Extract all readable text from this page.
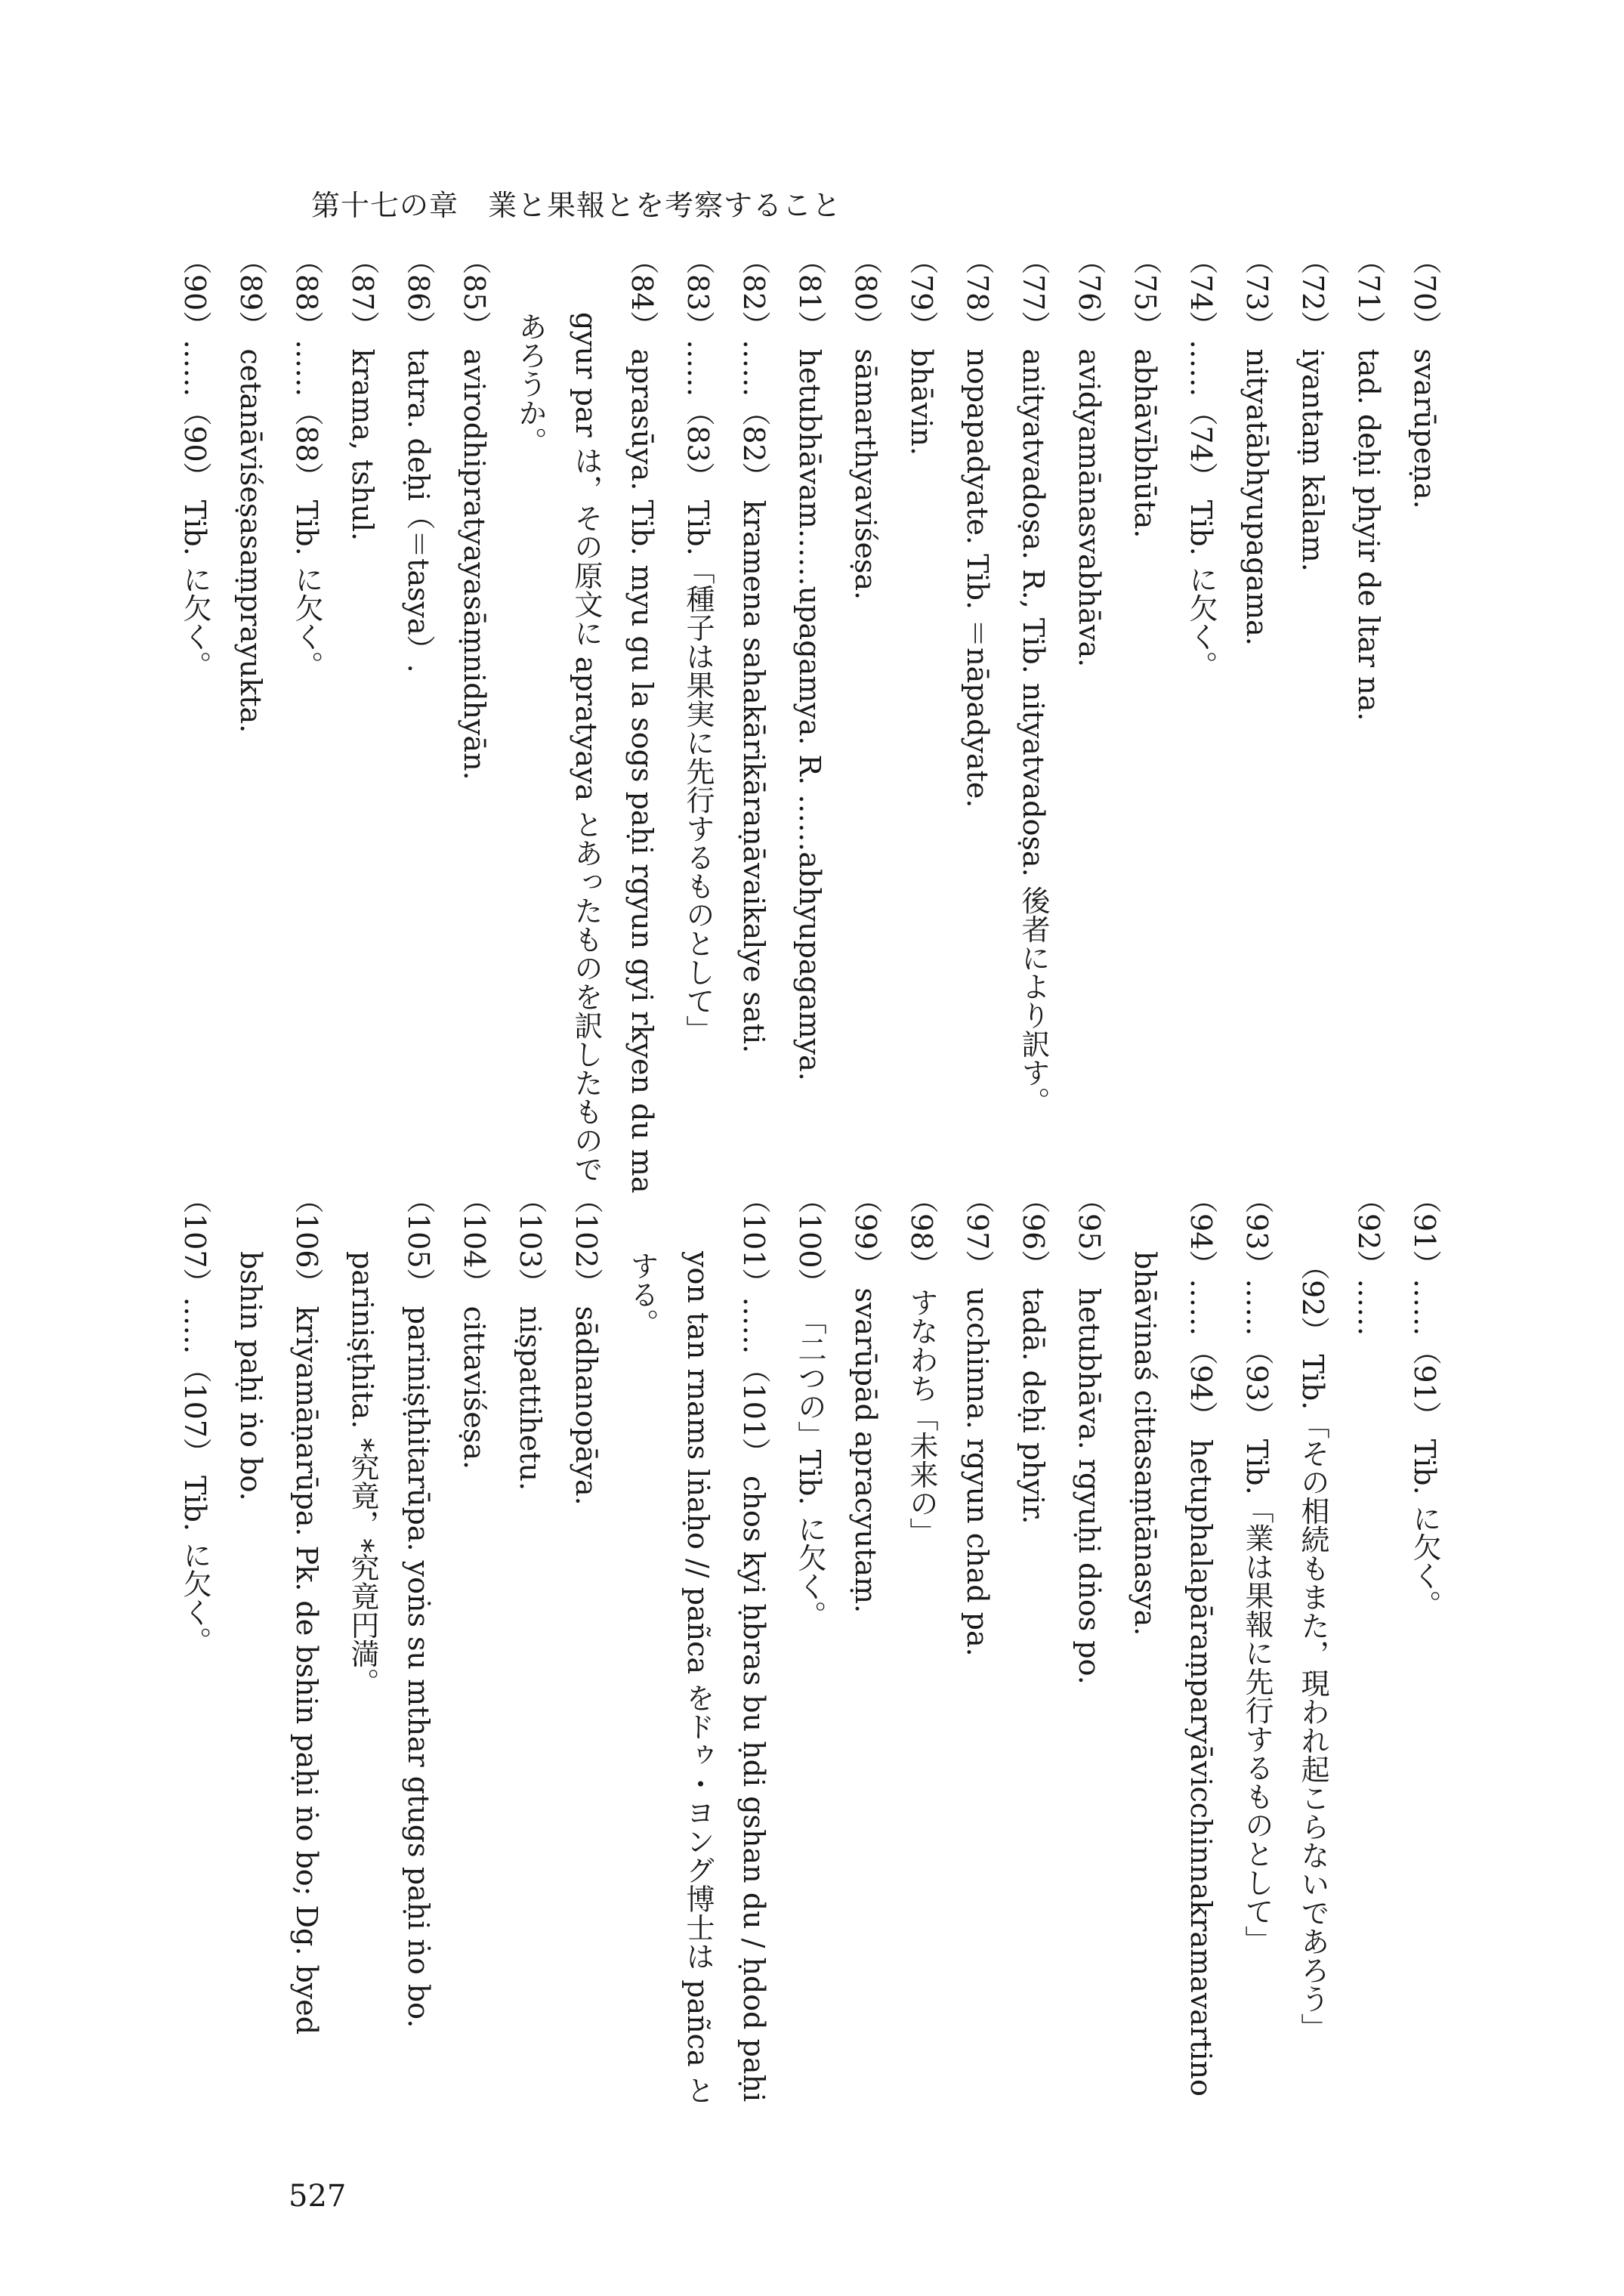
第十七の章　業と果報とを考察すること
（70） svarūpeṇa.
（71） tad. deḥi phyir de ltar na.
（72） iyantaṃ kālam.
（73） nityatābhyupagama.
（74）……（74） Tib. に欠く。
（75） abhāvībhūta.
（76） avidyamānasvabhāva.
（77） anityatvadoṣa. R., Tib. nityatvadoṣa. 後者により訳す。
（78） nopapadyate. Tib. ＝nāpadyate.
（79） bhāvin.
（80） sāmarthyaviśeṣa.
（81） hetubhāvam……upagamya. R. ……abhyupagamya.
（82）……（82） kramena sahakārikāraṇāvaikalye sati.
（83）……（83） Tib.「種子は果実に先行するものとして」
（84） aprasūya. Tib. myu gu la sogs paḥi rgyun gyi rkyen du ma gyur par は，その原文に apratyaya とあったものを訳したものであろうか。
（85） avirodhipratyayasāṃnidhyān.
（86） tatra. deḥi（＝tasya）.
（87） krama, tshul.
（88）……（88） Tib. に欠く。
（89） cetanāviśeṣasaṃprayukta.
（90）……（90） Tib. に欠く。
（91）……（91） Tib. に欠く。
（92）……（92） Tib.「その相続もまた，現われ起こらないであろう」
（93）……（93） Tib.「業は果報に先行するものとして」
（94）……（94） hetuphalapāraṃparyāvicchinnakramavartino bhāvinaś cittasaṃtānasya.
（95） hetubhāva. rgyuḥi dṅos po.
（96） tadā. deḥi phyir.
（97） ucchinna. rgyun chad pa.
（98） すなわち「未来の」
（99） svarūpād apracyutaṃ.
（100） 「二つの」Tib. に欠く。
（101）……（101） chos kyi ḥbras bu ḥdi gshan du / ḥdod paḥi yon tan rnams lṅaḥo // pañca をドゥ・ヨング博士は pañca とする。
（102） sādhanopāya.
（103） niṣpattihetu.
（104） cittaviśeṣa.
（105） pariniṣṭhitarūpa. yoṅs su mthar gtugs paḥi ṅo bo. pariniṣṭhita. *究竟，*究竟円満。
（106） kriyamāṇarūpa. Pk. de bshin paḥi ṅo bo; Dg. byed bshin paḥi ṅo bo.
（107）……（107） Tib. に欠く。
527
